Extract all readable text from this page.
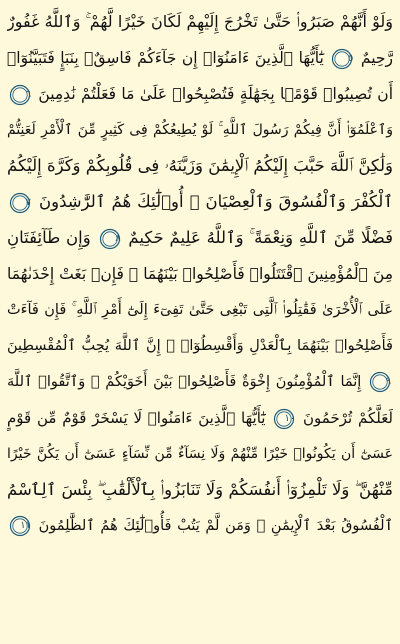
وَلَوْ أَنَّهُمْ صَبَرُوا۟ حَتَّىٰ تَخْرُجَ إِلَيْهِمْ لَكَانَ خَيْرًا لَّهُمْ ۚ وَٱللَّهُ غَفُورٌ
رَّحِيمٌ
٥
يَٰٓأَيُّهَا ٱلَّذِينَ ءَامَنُوٓا۟ إِن جَآءَكُمْ فَاسِقٌۢ بِنَبَإٍ فَتَبَيَّنُوٓا۟
أَن تُصِيبُوا۟ قَوْمًۢا بِجَهَٰلَةٍ فَتُصْبِحُوا۟ عَلَىٰ مَا فَعَلْتُمْ نَٰدِمِينَ
٦
وَٱعْلَمُوٓا۟ أَنَّ فِيكُمْ رَسُولَ ٱللَّهِ ۚ لَوْ يُطِيعُكُمْ فِى كَثِيرٍ مِّنَ ٱلْأَمْرِ لَعَنِتُّمْ
وَلَٰكِنَّ ٱللَّهَ حَبَّبَ إِلَيْكُمُ ٱلْإِيمَٰنَ وَزَيَّنَهُۥ فِى قُلُوبِكُمْ وَكَرَّهَ إِلَيْكُمُ
ٱلْكُفْرَ وَٱلْفُسُوقَ وَٱلْعِصْيَانَ ۚ أُو۟لَٰٓئِكَ هُمُ ٱلرَّٰشِدُونَ
٧
فَضْلًا مِّنَ ٱللَّهِ وَنِعْمَةً ۚ وَٱللَّهُ عَلِيمٌ حَكِيمٌ
٨
وَإِن طَآئِفَتَانِ
مِنَ ٱلْمُؤْمِنِينَ ٱقْتَتَلُوا۟ فَأَصْلِحُوا۟ بَيْنَهُمَا ۖ فَإِنۢ بَغَتْ إِحْدَىٰهُمَا
عَلَى ٱلْأُخْرَىٰ فَقَٰتِلُوا۟ ٱلَّتِى تَبْغِى حَتَّىٰ تَفِىٓءَ إِلَىٰٓ أَمْرِ ٱللَّهِ ۚ فَإِن فَآءَتْ
فَأَصْلِحُوا۟ بَيْنَهُمَا بِٱلْعَدْلِ وَأَقْسِطُوٓا۟ ۖ إِنَّ ٱللَّهَ يُحِبُّ ٱلْمُقْسِطِينَ
٩
إِنَّمَا ٱلْمُؤْمِنُونَ إِخْوَةٌ فَأَصْلِحُوا۟ بَيْنَ أَخَوَيْكُمْ ۚ وَٱتَّقُوا۟ ٱللَّهَ
لَعَلَّكُمْ تُرْحَمُونَ
١٠
يَٰٓأَيُّهَا ٱلَّذِينَ ءَامَنُوا۟ لَا يَسْخَرْ قَوْمٌ مِّن قَوْمٍ
عَسَىٰٓ أَن يَكُونُوا۟ خَيْرًا مِّنْهُمْ وَلَا نِسَآءٌ مِّن نِّسَآءٍ عَسَىٰٓ أَن يَكُنَّ خَيْرًا
مِّنْهُنَّ ۖ وَلَا تَلْمِزُوٓا۟ أَنفُسَكُمْ وَلَا تَنَابَزُوا۟ بِٱلْأَلْقَٰبِ ۖ بِئْسَ ٱلِٱسْمُ
ٱلْفُسُوقُ بَعْدَ ٱلْإِيمَٰنِ ۚ وَمَن لَّمْ يَتُبْ فَأُو۟لَٰٓئِكَ هُمُ ٱلظَّٰلِمُونَ
١١
